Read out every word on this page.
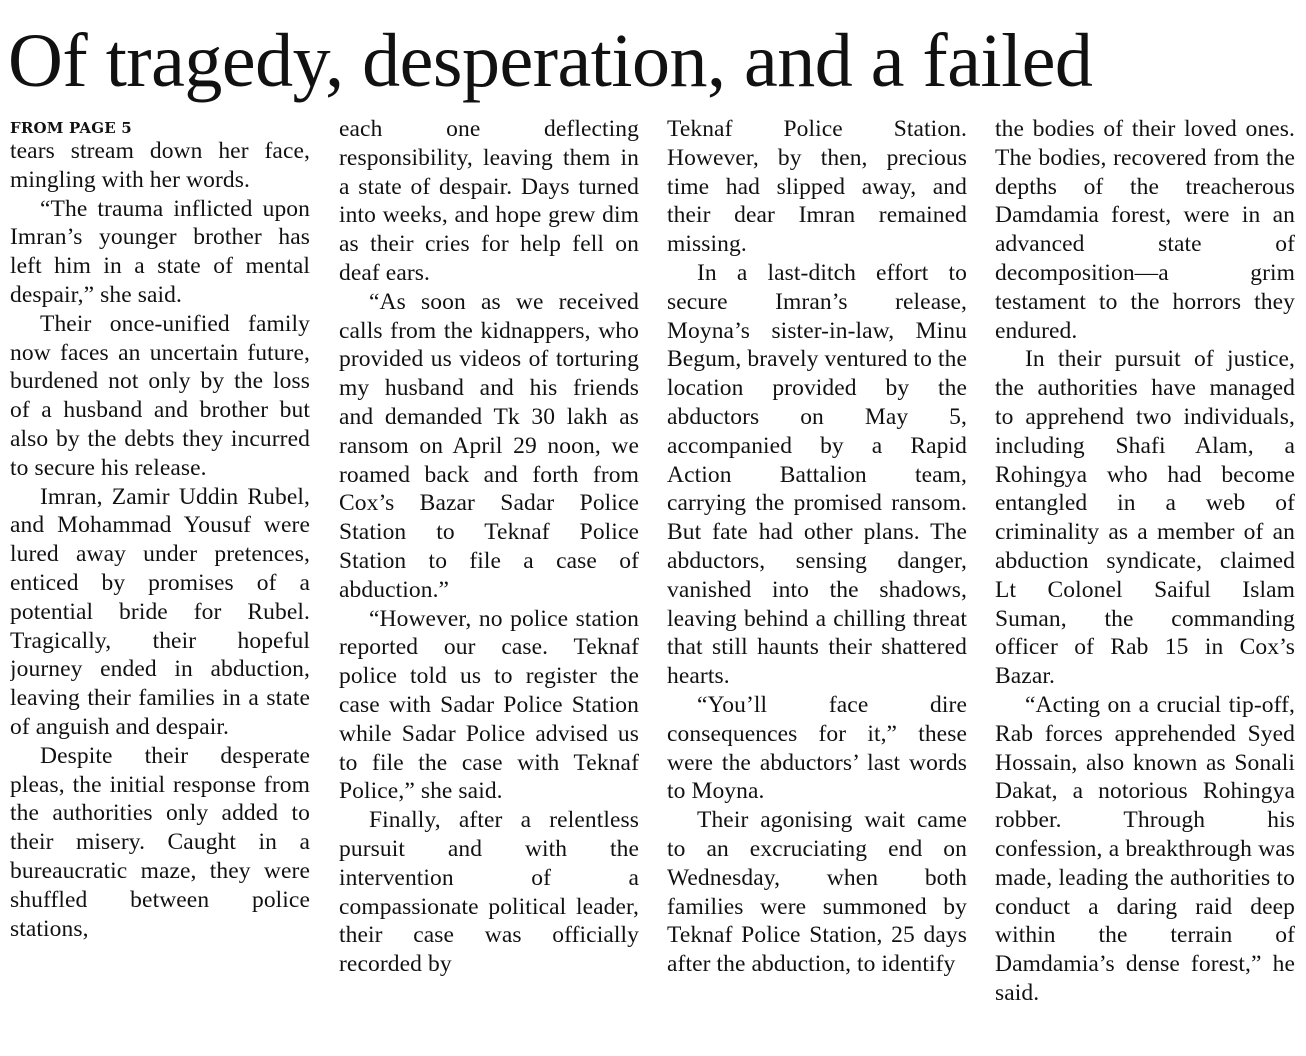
Of tragedy, desperation, and a failed
FROM PAGE 5

tears stream down her face, mingling with her words.

“The trauma inflicted upon Imran’s younger brother has left him in a state of mental despair,” she said.

Their once-unified family now faces an uncertain future, burdened not only by the loss of a husband and brother but also by the debts they incurred to secure his release.

Imran, Zamir Uddin Rubel, and Mohammad Yousuf were lured away under pretences, enticed by promises of a potential bride for Rubel. Tragically, their hopeful journey ended in abduction, leaving their families in a state of anguish and despair.

Despite their desperate pleas, the initial response from the authorities only added to their misery. Caught in a bureaucratic maze, they were shuffled between police stations,

each one deflecting responsibility, leaving them in a state of despair. Days turned into weeks, and hope grew dim as their cries for help fell on deaf ears.

“As soon as we received calls from the kidnappers, who provided us videos of torturing my husband and his friends and demanded Tk 30 lakh as ransom on April 29 noon, we roamed back and forth from Cox’s Bazar Sadar Police Station to Teknaf Police Station to file a case of abduction.”

“However, no police station reported our case. Teknaf police told us to register the case with Sadar Police Station while Sadar Police advised us to file the case with Teknaf Police,” she said.

Finally, after a relentless pursuit and with the intervention of a compassionate political leader, their case was officially recorded by

Teknaf Police Station. However, by then, precious time had slipped away, and their dear Imran remained missing.

In a last-ditch effort to secure Imran’s release, Moyna’s sister-in-law, Minu Begum, bravely ventured to the location provided by the abductors on May 5, accompanied by a Rapid Action Battalion team, carrying the promised ransom. But fate had other plans. The abductors, sensing danger, vanished into the shadows, leaving behind a chilling threat that still haunts their shattered hearts.

“You’ll face dire consequences for it,” these were the abductors’ last words to Moyna.

Their agonising wait came to an excruciating end on Wednesday, when both families were summoned by Teknaf Police Station, 25 days after the abduction, to identify

the bodies of their loved ones. The bodies, recovered from the depths of the treacherous Damdamia forest, were in an advanced state of decomposition—a grim testament to the horrors they endured.

In their pursuit of justice, the authorities have managed to apprehend two individuals, including Shafi Alam, a Rohingya who had become entangled in a web of criminality as a member of an abduction syndicate, claimed Lt Colonel Saiful Islam Suman, the commanding officer of Rab 15 in Cox’s Bazar.

“Acting on a crucial tip-off, Rab forces apprehended Syed Hossain, also known as Sonali Dakat, a notorious Rohingya robber. Through his confession, a breakthrough was made, leading the authorities to conduct a daring raid deep within the terrain of Damdamia’s dense forest,” he said.
